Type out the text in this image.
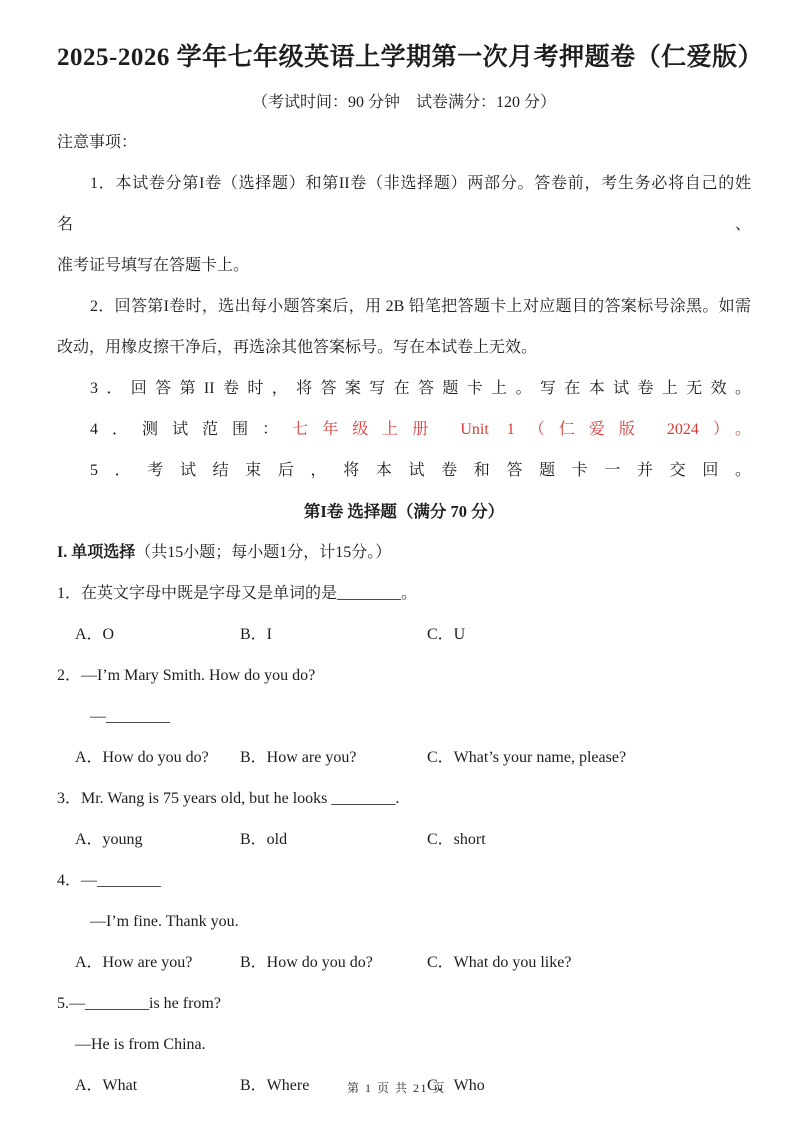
2025-2026 学年七年级英语上学期第一次月考押题卷（仁爱版）
（考试时间：90 分钟　试卷满分：120 分）
注意事项：
1．本试卷分第I卷（选择题）和第II卷（非选择题）两部分。答卷前，考生务必将自己的姓名、
准考证号填写在答题卡上。
2．回答第I卷时，选出每小题答案后，用 2B 铅笔把答题卡上对应题目的答案标号涂黑。如需
改动，用橡皮擦干净后，再选涂其他答案标号。写在本试卷上无效。
3．回答第II卷时，将答案写在答题卡上。写在本试卷上无效。
4．测试范围：七年级上册 Unit 1（仁爱版 2024）。
5．考试结束后，将本试卷和答题卡一并交回。
第I卷 选择题（满分 70 分）
I. 单项选择（共15小题；每小题1分，计15分。）
1．在英文字母中既是字母又是单词的是________。
A．O	B．I	C．U
2．—I’m Mary Smith. How do you do?
—________
A．How do you do?	B．How are you?	C．What’s your name, please?
3．Mr. Wang is 75 years old, but he looks ________.
A．young	B．old	C．short
4．—________
—I’m fine. Thank you.
A．How are you?	B．How do you do?	C．What do you like?
5.—________is he from?
—He is from China.
A．What	B．Where	C．Who
第 1 页 共 21 页
